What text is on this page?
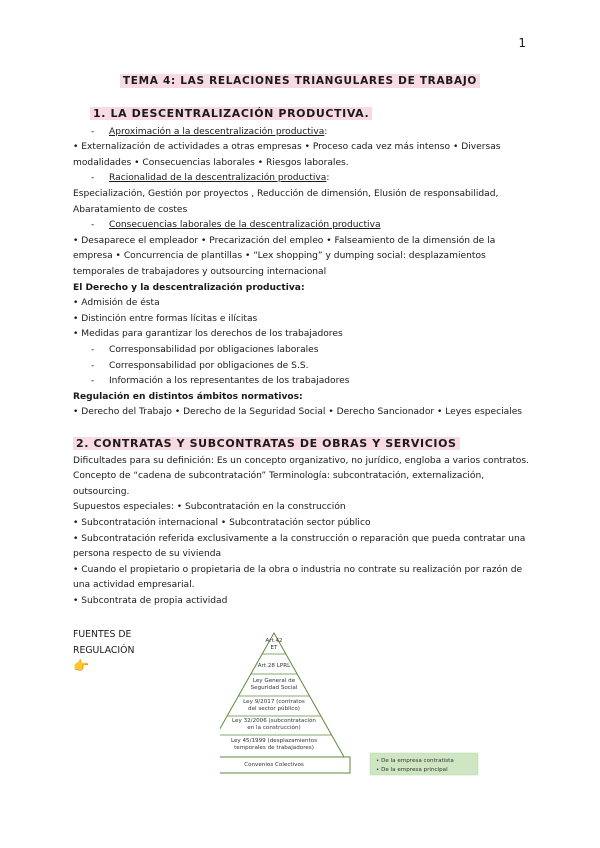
1
TEMA 4: LAS RELACIONES TRIANGULARES DE TRABAJO
1. LA DESCENTRALIZACIÓN PRODUCTIVA.
- Aproximación a la descentralización productiva:
• Externalización de actividades a otras empresas • Proceso cada vez más intenso • Diversas
modalidades • Consecuencias laborales • Riesgos laborales.
- Racionalidad de la descentralización productiva:
Especialización, Gestión por proyectos , Reducción de dimensión, Elusión de responsabilidad,
Abaratamiento de costes
- Consecuencias laborales de la descentralización productiva
• Desaparece el empleador • Precarización del empleo • Falseamiento de la dimensión de la
empresa • Concurrencia de plantillas • “Lex shopping” y dumping social: desplazamientos
temporales de trabajadores y outsourcing internacional
El Derecho y la descentralización productiva:
• Admisión de ésta
• Distinción entre formas lícitas e ilícitas
• Medidas para garantizar los derechos de los trabajadores
- Corresponsabilidad por obligaciones laborales
- Corresponsabilidad por obligaciones de S.S.
- Información a los representantes de los trabajadores
Regulación en distintos ámbitos normativos:
• Derecho del Trabajo • Derecho de la Seguridad Social • Derecho Sancionador • Leyes especiales
2. CONTRATAS Y SUBCONTRATAS DE OBRAS Y SERVICIOS
Dificultades para su definición: Es un concepto organizativo, no jurídico, engloba a varios contratos.
Concepto de “cadena de subcontratación” Terminología: subcontratación, externalización,
outsourcing.
Supuestos especiales: • Subcontratación en la construcción
• Subcontratación internacional • Subcontratación sector público
• Subcontratación referida exclusivamente a la construcción o reparación que pueda contratar una
persona respecto de su vivienda
• Cuando el propietario o propietaria de la obra o industria no contrate su realización por razón de
una actividad empresarial.
• Subcontrata de propia actividad
FUENTES DE
REGULACIÓN
👉
Art.42
ET
Art.28 LPRL
Ley General de
Seguridad Social
Ley 9/2017 (contratos
del sector público)
Ley 32/2006 (subcontratación
en la construcción)
Ley 45/1999 (desplazamientos
temporales de trabajadores)
Convenios Colectivos
• De la empresa contratista
• De la empresa principal
